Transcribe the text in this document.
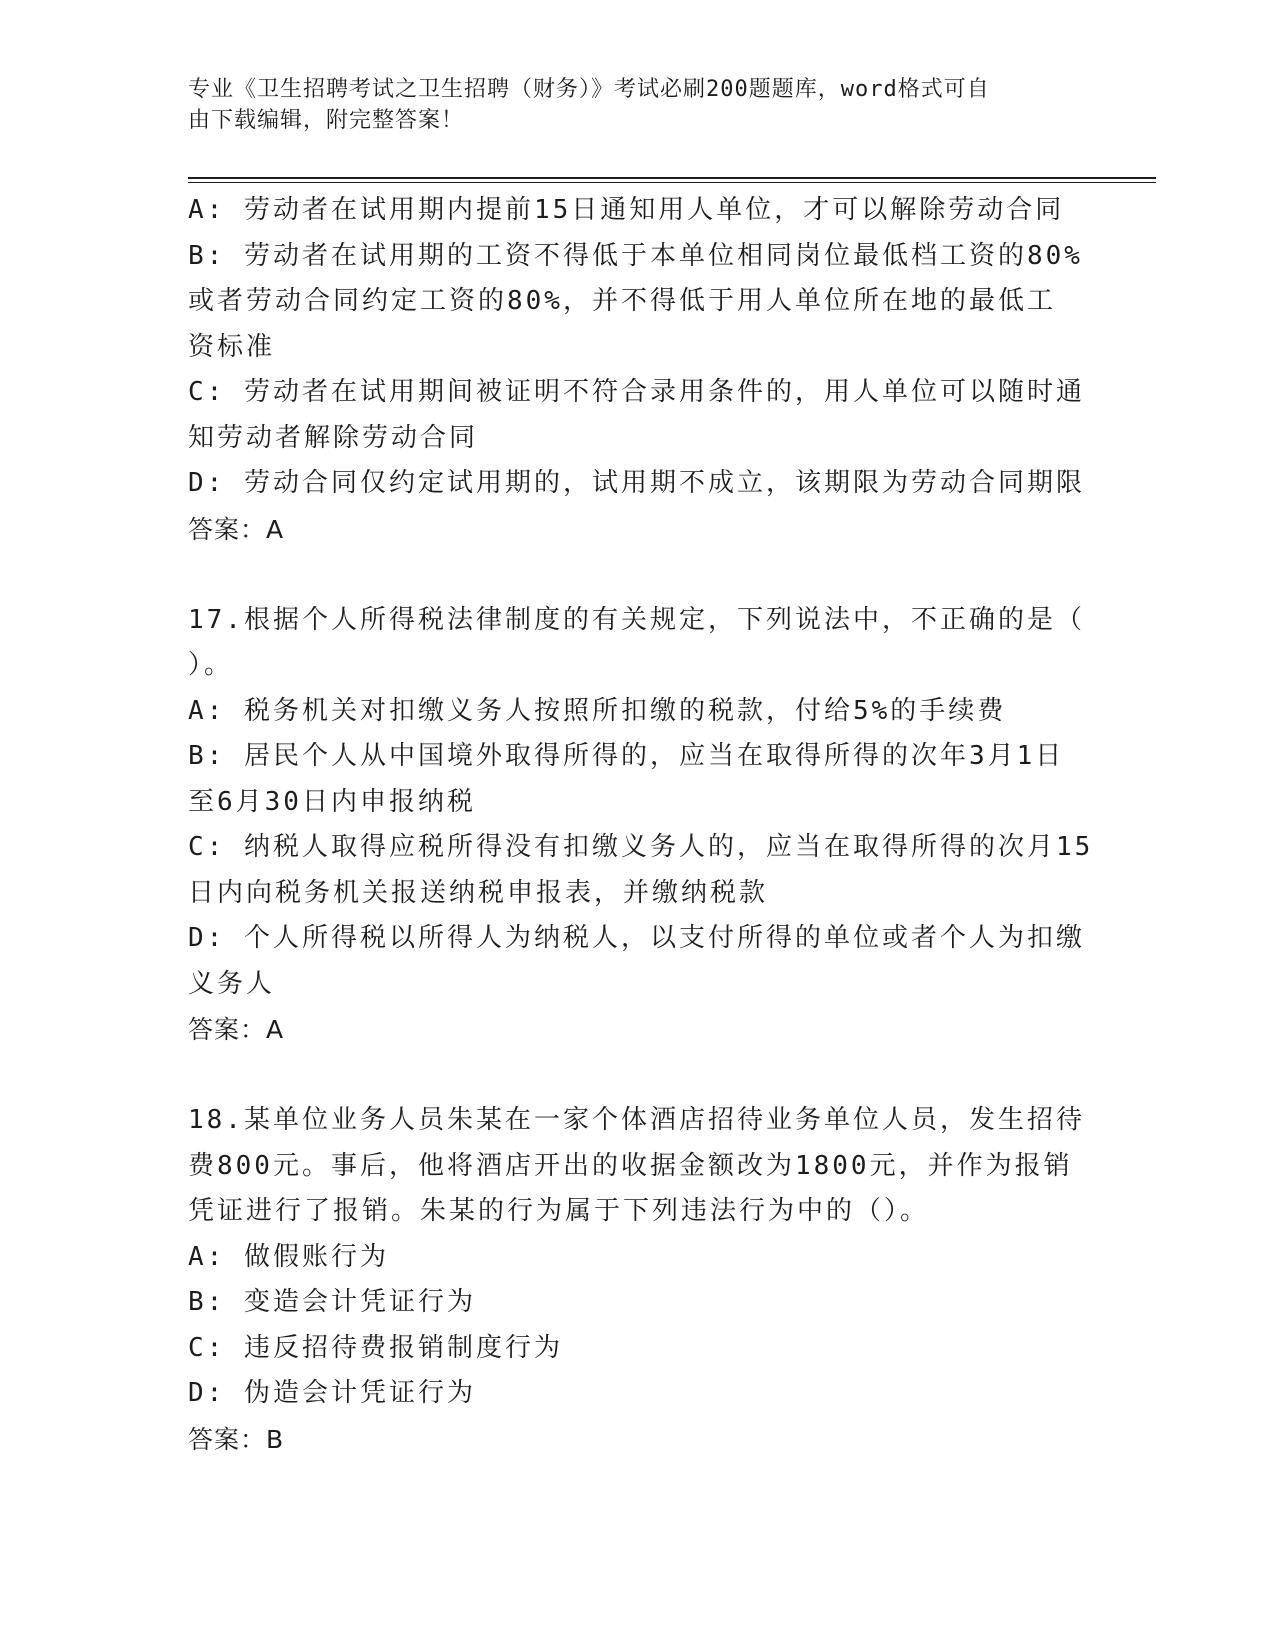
专业《卫生招聘考试之卫生招聘（财务）》考试必刷200题题库，word格式可自
由下载编辑，附完整答案！
A: 劳动者在试用期内提前15日通知用人单位，才可以解除劳动合同
B: 劳动者在试用期的工资不得低于本单位相同岗位最低档工资的80%
或者劳动合同约定工资的80%，并不得低于用人单位所在地的最低工
资标准
C: 劳动者在试用期间被证明不符合录用条件的，用人单位可以随时通
知劳动者解除劳动合同
D: 劳动合同仅约定试用期的，试用期不成立，该期限为劳动合同期限
答案：A
17.根据个人所得税法律制度的有关规定，下列说法中，不正确的是（
）。
A: 税务机关对扣缴义务人按照所扣缴的税款，付给5%的手续费
B: 居民个人从中国境外取得所得的，应当在取得所得的次年3月1日
至6月30日内申报纳税
C: 纳税人取得应税所得没有扣缴义务人的，应当在取得所得的次月15
日内向税务机关报送纳税申报表，并缴纳税款
D: 个人所得税以所得人为纳税人，以支付所得的单位或者个人为扣缴
义务人
答案：A
18.某单位业务人员朱某在一家个体酒店招待业务单位人员，发生招待
费800元。事后，他将酒店开出的收据金额改为1800元，并作为报销
凭证进行了报销。朱某的行为属于下列违法行为中的（）。
A: 做假账行为
B: 变造会计凭证行为
C: 违反招待费报销制度行为
D: 伪造会计凭证行为
答案：B
